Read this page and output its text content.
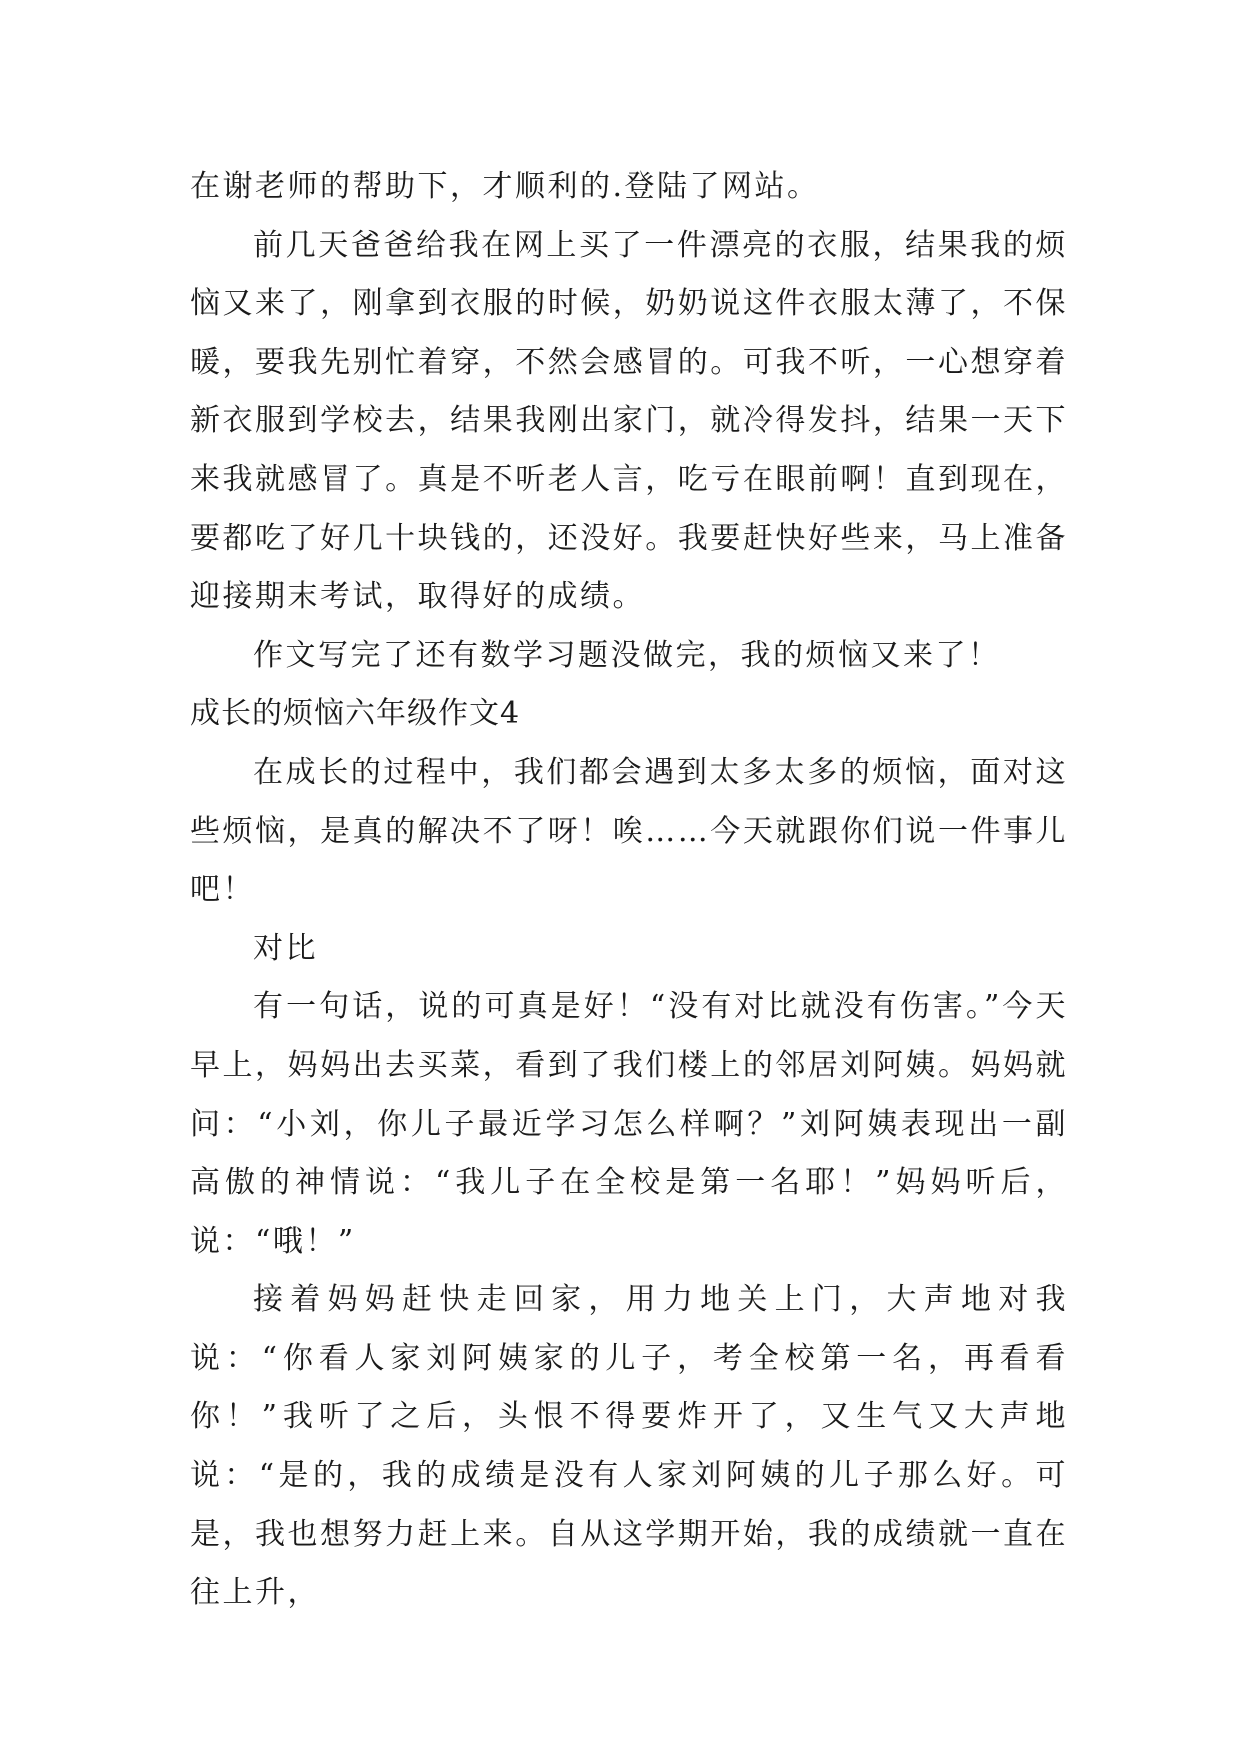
在谢老师的帮助下，才顺利的.登陆了网站。

前几天爸爸给我在网上买了一件漂亮的衣服，结果我的烦恼又来了，刚拿到衣服的时候，奶奶说这件衣服太薄了，不保暖，要我先别忙着穿，不然会感冒的。可我不听，一心想穿着新衣服到学校去，结果我刚出家门，就冷得发抖，结果一天下来我就感冒了。真是不听老人言，吃亏在眼前啊！直到现在，要都吃了好几十块钱的，还没好。我要赶快好些来，马上准备迎接期末考试，取得好的成绩。

作文写完了还有数学习题没做完，我的烦恼又来了！

成长的烦恼六年级作文4

在成长的过程中，我们都会遇到太多太多的烦恼，面对这些烦恼，是真的解决不了呀！唉……今天就跟你们说一件事儿吧！

对比

有一句话，说的可真是好！“没有对比就没有伤害。”今天早上，妈妈出去买菜，看到了我们楼上的邻居刘阿姨。妈妈就问：“小刘，你儿子最近学习怎么样啊？”刘阿姨表现出一副高傲的神情说：“我儿子在全校是第一名耶！”妈妈听后，说：“哦！”

接着妈妈赶快走回家，用力地关上门，大声地对我说：“你看人家刘阿姨家的儿子，考全校第一名，再看看你！”我听了之后，头恨不得要炸开了，又生气又大声地说：“是的，我的成绩是没有人家刘阿姨的儿子那么好。可是，我也想努力赶上来。自从这学期开始，我的成绩就一直在往上升，
